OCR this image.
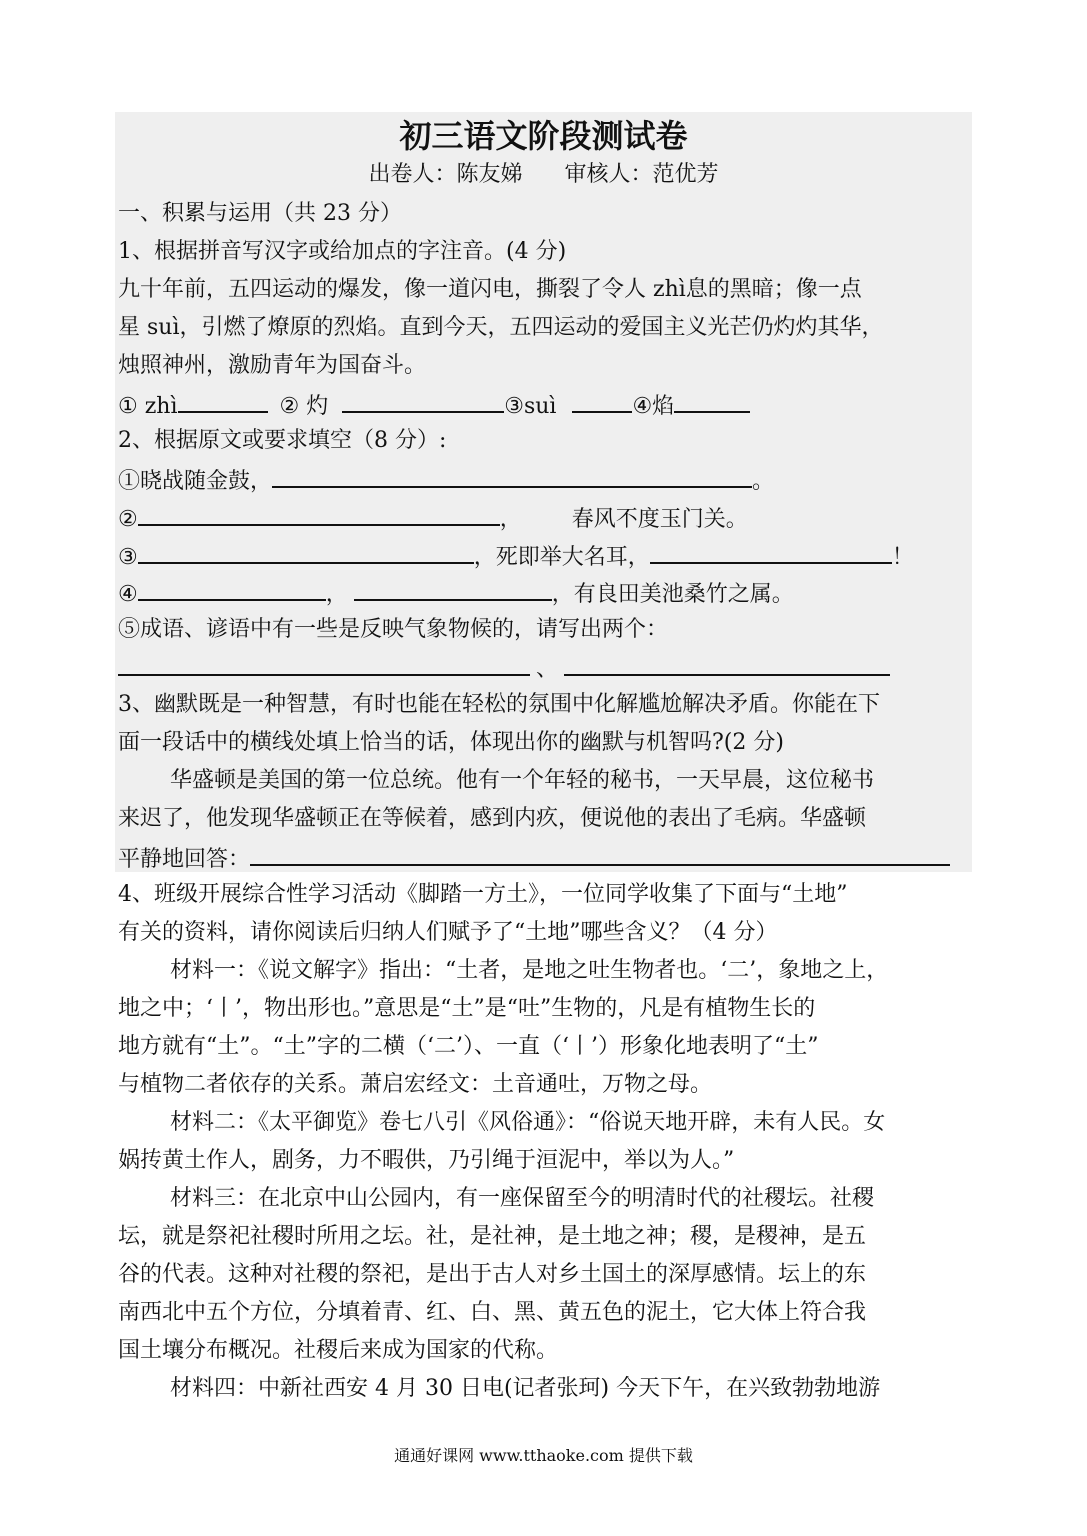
初三语文阶段测试卷
出卷人：陈友娣      审核人：范优芳
一、积累与运用（共 23 分）
1、根据拼音写汉字或给加点的字注音。(4 分)
九十年前，五四运动的爆发，像一道闪电，撕裂了令人 zhì息的黑暗；像一点
星 suì，引燃了燎原的烈焰。直到今天，五四运动的爱国主义光芒仍灼灼其华，
烛照神州，激励青年为国奋斗。
① zhì	② 灼	③suì	④焰
2、根据原文或要求填空（8 分）:
①晓战随金鼓，	。
②	， 春风不度玉门关。
③	，死即举大名耳，	！
④	，	，有良田美池桑竹之属。
⑤成语、谚语中有一些是反映气象物候的，请写出两个：
、
3、幽默既是一种智慧，有时也能在轻松的氛围中化解尴尬解决矛盾。你能在下
面一段话中的横线处填上恰当的话，体现出你的幽默与机智吗?(2 分)
华盛顿是美国的第一位总统。他有一个年轻的秘书，一天早晨，这位秘书
来迟了，他发现华盛顿正在等候着，感到内疚，便说他的表出了毛病。华盛顿
平静地回答：
4、班级开展综合性学习活动《脚踏一方土》，一位同学收集了下面与“土地”
有关的资料，请你阅读后归纳人们赋予了“土地”哪些含义？（4 分）
材料一：《说文解字》指出：“土者，是地之吐生物者也。‘二’，象地之上，
地之中；‘丨’，物出形也。”意思是“土”是“吐”生物的，凡是有植物生长的
地方就有“土”。“土”字的二横（‘二’）、一直（‘丨’）形象化地表明了“土”
与植物二者依存的关系。萧启宏经文：土音通吐，万物之母。
材料二：《太平御览》卷七八引《风俗通》：“俗说天地开辟，未有人民。女
娲抟黄土作人，剧务，力不暇供，乃引绳于洹泥中，举以为人。”
材料三：在北京中山公园内，有一座保留至今的明清时代的社稷坛。社稷
坛，就是祭祀社稷时所用之坛。社，是社神，是土地之神；稷，是稷神，是五
谷的代表。这种对社稷的祭祀，是出于古人对乡土国土的深厚感情。坛上的东
南西北中五个方位，分填着青、红、白、黑、黄五色的泥土，它大体上符合我
国土壤分布概况。社稷后来成为国家的代称。
材料四：中新社西安 4 月 30 日电(记者张珂) 今天下午，在兴致勃勃地游
通通好课网 www.tthaoke.com 提供下载
